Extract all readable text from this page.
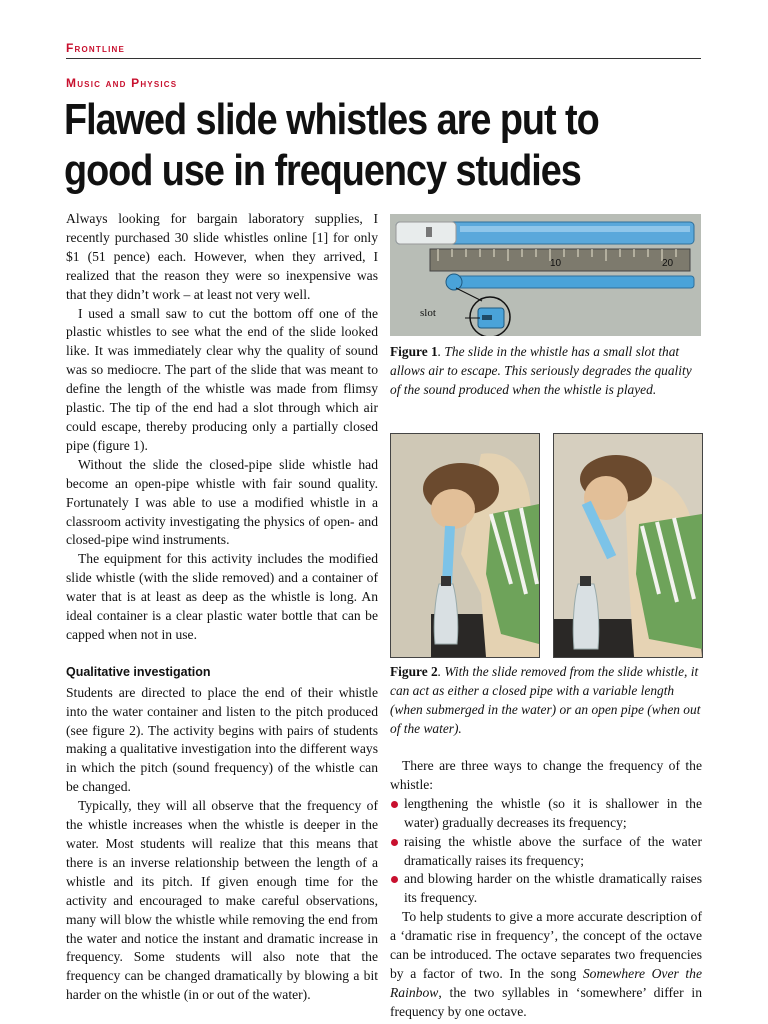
Frontline
Music and Physics
Flawed slide whistles are put to
good use in frequency studies

Always looking for bargain laboratory supplies, I recently purchased 30 slide whistles online [1] for only $1 (51 pence) each. However, when they arrived, I realized that the reason they were so inexpensive was that they didn’t work – at least not very well.

I used a small saw to cut the bottom off one of the plastic whistles to see what the end of the slide looked like. It was immediately clear why the quality of sound was so mediocre. The part of the slide that was meant to define the length of the whistle was made from flimsy plastic. The tip of the end had a slot through which air could escape, thereby producing only a partially closed pipe (figure 1).

Without the slide the closed-pipe slide whistle had become an open-pipe whistle with fair sound quality. Fortunately I was able to use a modified whistle in a classroom activity investigating the physics of open- and closed-pipe wind instruments.

The equipment for this activity includes the modified slide whistle (with the slide removed) and a container of water that is at least as deep as the whistle is long. An ideal container is a clear plastic water bottle that can be capped when not in use.

Qualitative investigation

Students are directed to place the end of their whistle into the water container and listen to the pitch produced (see figure 2). The activity begins with pairs of students making a qualitative investigation into the different ways in which the pitch (sound frequency) of the whistle can be changed.

Typically, they will all observe that the frequency of the whistle increases when the whistle is deeper in the water. Most students will realize that this means that there is an inverse relationship between the length of a whistle and its pitch. If given enough time for the activity and encouraged to make careful observations, many will blow the whistle while removing the end from the water and notice the instant and dramatic increase in frequency. Some students will also note that the frequency can be changed dramatically by blowing a bit harder on the whistle (in or out of the water).

10	20
slot
Figure 1. The slide in the whistle has a small slot that allows air to escape. This seriously degrades the quality of the sound produced when the whistle is played.
Figure 2. With the slide removed from the slide whistle, it can act as either a closed pipe with a variable length (when submerged in the water) or an open pipe (when out of the water).

There are three ways to change the frequency of the whistle:

lengthening the whistle (so it is shallower in the water) gradually decreases its frequency;
raising the whistle above the surface of the water dramatically raises its frequency;
and blowing harder on the whistle dramatically raises its frequency.

To help students to give a more accurate description of a ‘dramatic rise in frequency’, the concept of the octave can be introduced. The octave separates two frequencies by a factor of two. In the song Somewhere Over the Rainbow, the two syllables in ‘somewhere’ differ in frequency by one octave.
